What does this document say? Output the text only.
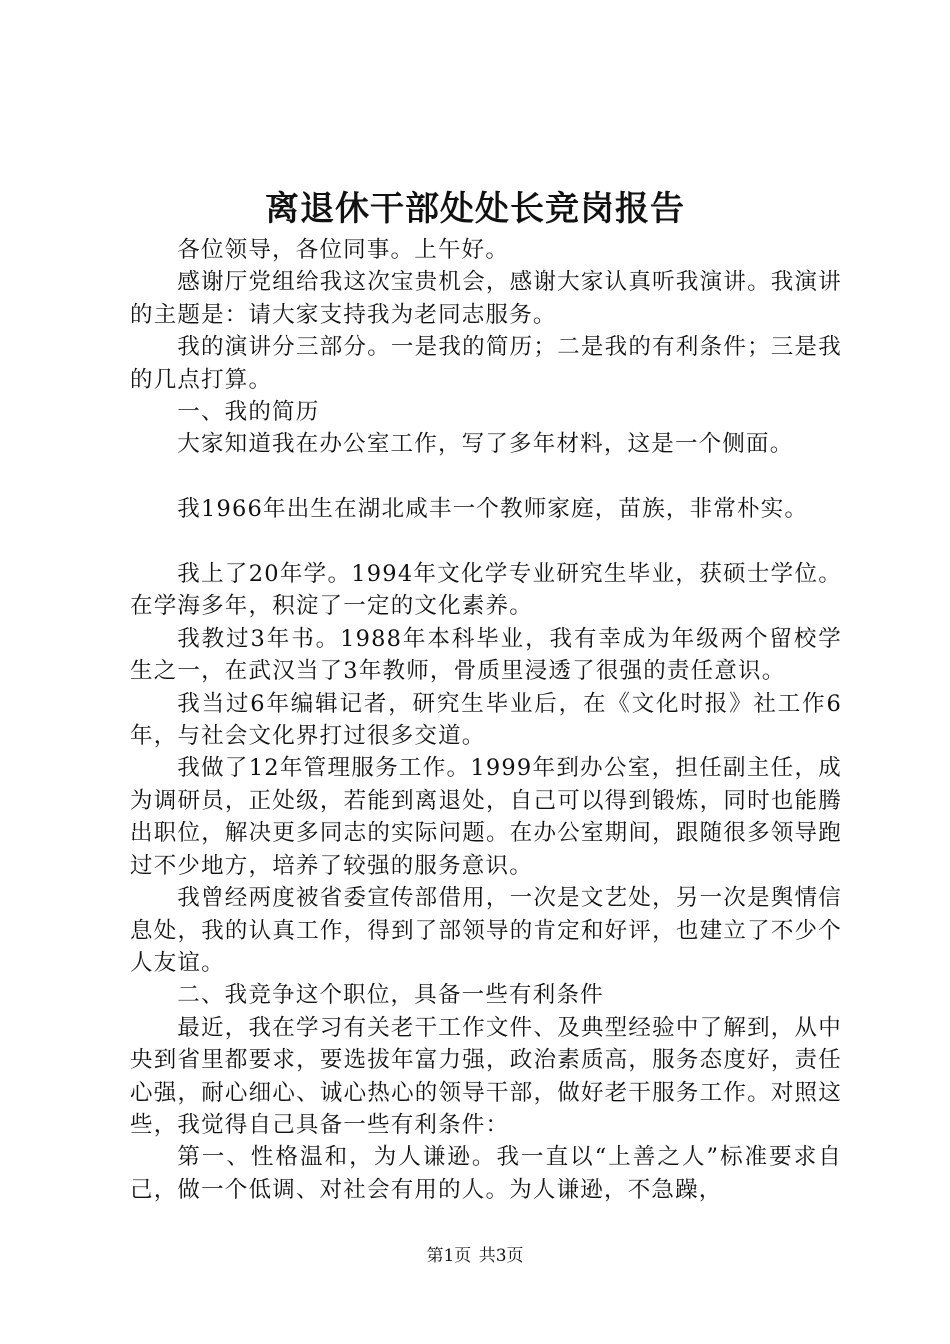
离退休干部处处长竞岗报告

各位领导，各位同事。上午好。

感谢厅党组给我这次宝贵机会，感谢大家认真听我演讲。我演讲的主题是：请大家支持我为老同志服务。

我的演讲分三部分。一是我的简历；二是我的有利条件；三是我的几点打算。

一、我的简历

大家知道我在办公室工作，写了多年材料，这是一个侧面。

我1966年出生在湖北咸丰一个教师家庭，苗族，非常朴实。

我上了20年学。1994年文化学专业研究生毕业，获硕士学位。在学海多年，积淀了一定的文化素养。

我教过3年书。1988年本科毕业，我有幸成为年级两个留校学生之一，在武汉当了3年教师，骨质里浸透了很强的责任意识。

我当过6年编辑记者，研究生毕业后，在《文化时报》社工作6年，与社会文化界打过很多交道。

我做了12年管理服务工作。1999年到办公室，担任副主任，成为调研员，正处级，若能到离退处，自己可以得到锻炼，同时也能腾出职位，解决更多同志的实际问题。在办公室期间，跟随很多领导跑过不少地方，培养了较强的服务意识。

我曾经两度被省委宣传部借用，一次是文艺处，另一次是舆情信息处，我的认真工作，得到了部领导的肯定和好评，也建立了不少个人友谊。

二、我竞争这个职位，具备一些有利条件

最近，我在学习有关老干工作文件、及典型经验中了解到，从中央到省里都要求，要选拔年富力强，政治素质高，服务态度好，责任心强，耐心细心、诚心热心的领导干部，做好老干服务工作。对照这些，我觉得自己具备一些有利条件：

第一、性格温和，为人谦逊。我一直以“上善之人”标准要求自己，做一个低调、对社会有用的人。为人谦逊，不急躁，

第1页 共3页
